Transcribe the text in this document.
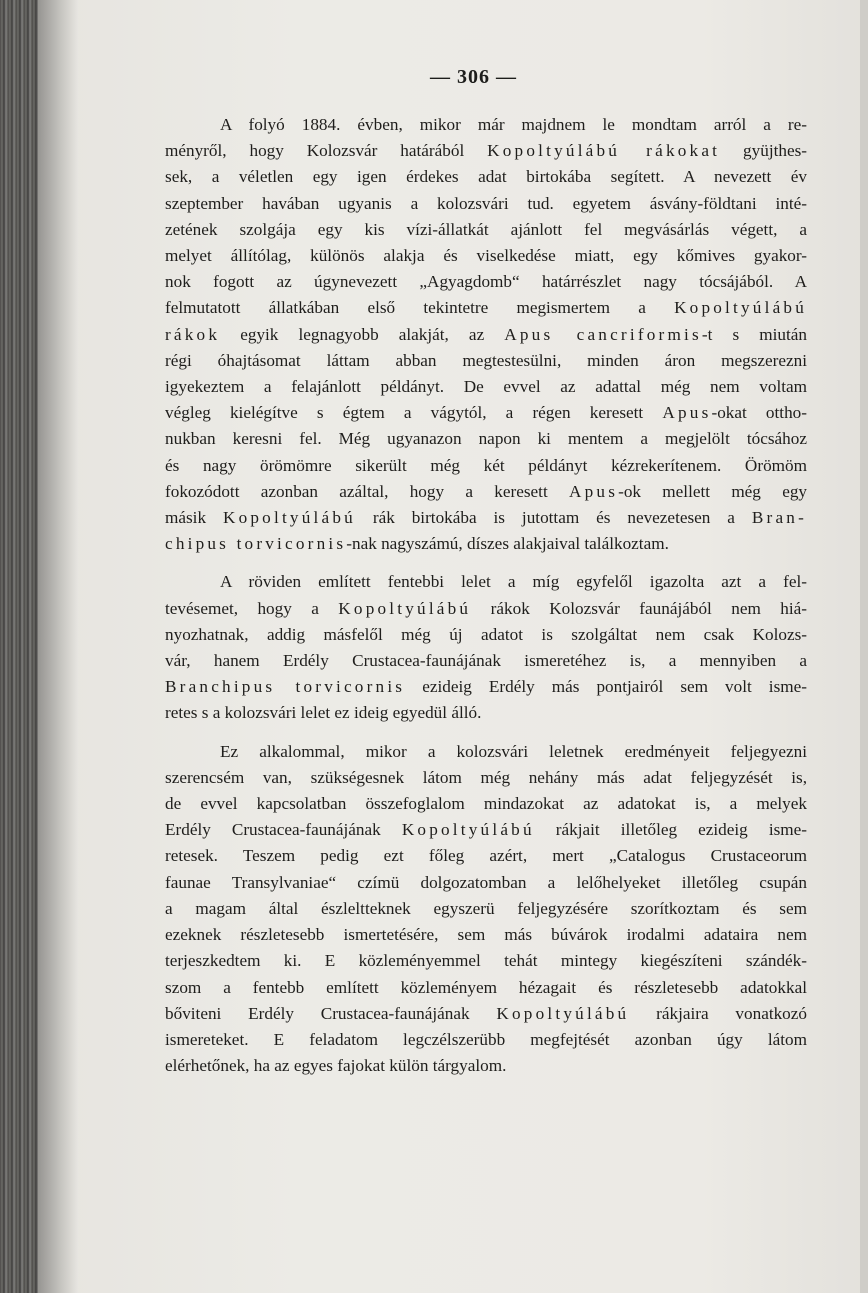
— 306 —
A folyó 1884. évben, mikor már majdnem le mondtam arról a re-
ményről, hogy Kolozsvár határából Kopoltyúlábú rákokat gyüjthes-
sek, a véletlen egy igen érdekes adat birtokába segített. A nevezett év
szeptember havában ugyanis a kolozsvári tud. egyetem ásvány-földtani inté-
zetének szolgája egy kis vízi-állatkát ajánlott fel megvásárlás végett, a
melyet állítólag, különös alakja és viselkedése miatt, egy kőmives gyakor-
nok fogott az úgynevezett „Agyagdomb“ határrészlet nagy tócsájából. A
felmutatott állatkában első tekintetre megismertem a Kopoltyúlábú
rákok egyik legnagyobb alakját, az Apus cancriformis-t s miután
régi óhajtásomat láttam abban megtestesülni, minden áron megszerezni
igyekeztem a felajánlott példányt. De evvel az adattal még nem voltam
végleg kielégítve s égtem a vágytól, a régen keresett Apus-okat ottho-
nukban keresni fel. Még ugyanazon napon ki mentem a megjelölt tócsához
és nagy örömömre sikerült még két példányt kézrekerítenem. Örömöm
fokozódott azonban azáltal, hogy a keresett Apus-ok mellett még egy
másik Kopoltyúlábú rák birtokába is jutottam és nevezetesen a Bran-
chipus torvicornis-nak nagyszámú, díszes alakjaival találkoztam.
A röviden említett fentebbi lelet a míg egyfelől igazolta azt a fel-
tevésemet, hogy a Kopoltyúlábú rákok Kolozsvár faunájából nem hiá-
nyozhatnak, addig másfelől még új adatot is szolgáltat nem csak Kolozs-
vár, hanem Erdély Crustacea-faunájának ismeretéhez is, a mennyiben a
Branchipus torvicornis ezideig Erdély más pontjairól sem volt isme-
retes s a kolozsvári lelet ez ideig egyedül álló.
Ez alkalommal, mikor a kolozsvári leletnek eredményeit feljegyezni
szerencsém van, szükségesnek látom még nehány más adat feljegyzését is,
de evvel kapcsolatban összefoglalom mindazokat az adatokat is, a melyek
Erdély Crustacea-faunájának Kopoltyúlábú rákjait illetőleg ezideig isme-
retesek. Teszem pedig ezt főleg azért, mert „Catalogus Crustaceorum
faunae Transylvaniae“ czímü dolgozatomban a lelőhelyeket illetőleg csupán
a magam által észleltteknek egyszerü feljegyzésére szorítkoztam és sem
ezeknek részletesebb ismertetésére, sem más búvárok irodalmi adataira nem
terjeszkedtem ki. E közleményemmel tehát mintegy kiegészíteni szándék-
szom a fentebb említett közleményem hézagait és részletesebb adatokkal
bőviteni Erdély Crustacea-faunájának Kopoltyúlábú rákjaira vonatkozó
ismereteket. E feladatom legczélszerübb megfejtését azonban úgy látom
elérhetőnek, ha az egyes fajokat külön tárgyalom.
